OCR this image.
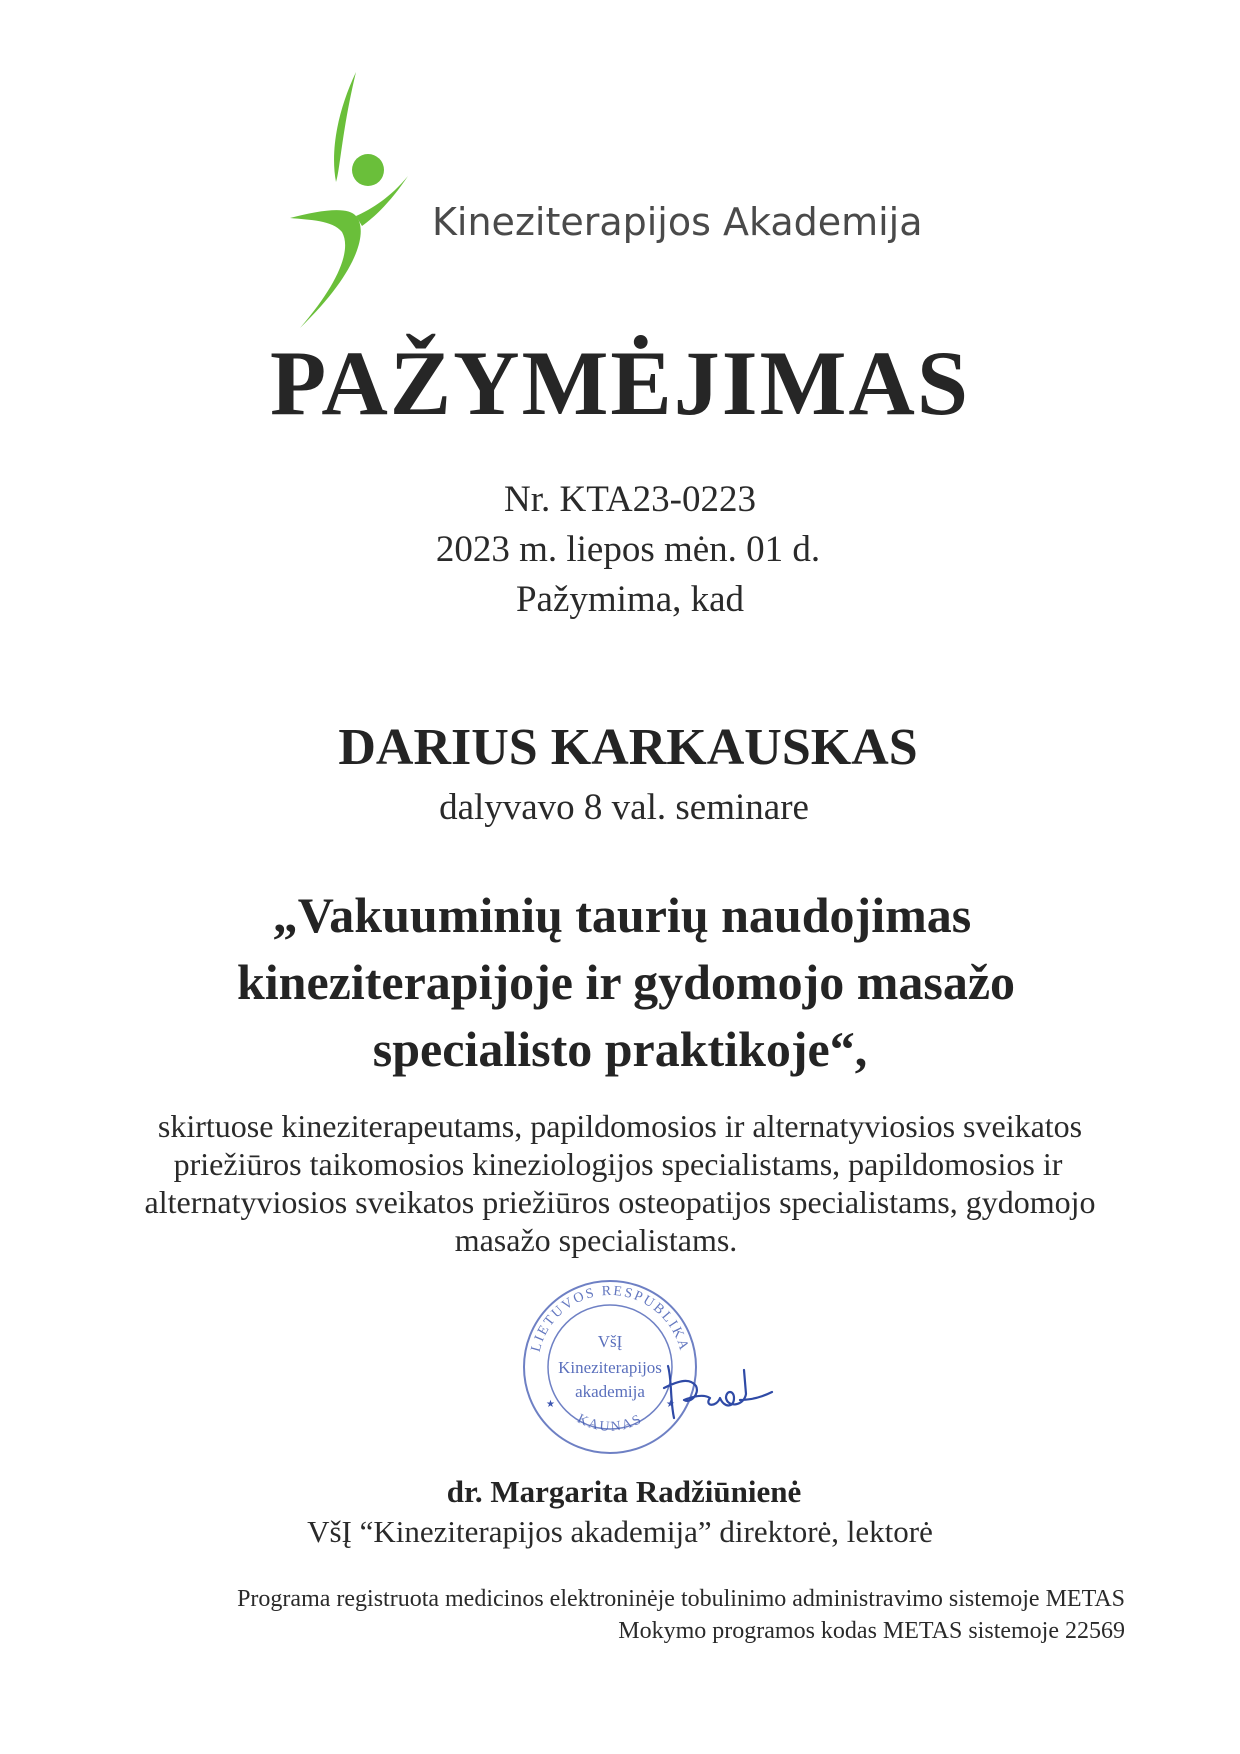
Kineziterapijos Akademija
PAŽYMĖJIMAS
Nr. KTA23-0223
2023 m. liepos mėn. 01 d.
Pažymima, kad
DARIUS KARKAUSKAS
dalyvavo 8 val. seminare
„Vakuuminių taurių naudojimas
kineziterapijoje ir gydomojo masažo
specialisto praktikoje“,
skirtuose kineziterapeutams, papildomosios ir alternatyviosios sveikatos
priežiūros taikomosios kineziologijos specialistams, papildomosios ir
alternatyviosios sveikatos priežiūros osteopatijos specialistams, gydomojo
masažo specialistams.
LIETUVOS RESPUBLIKA
KAUNAS
VšĮ
Kineziterapijos
akademija
★	★
dr. Margarita Radžiūnienė
VšĮ “Kineziterapijos akademija” direktorė, lektorė
Programa registruota medicinos elektroninėje tobulinimo administravimo sistemoje METAS
Mokymo programos kodas METAS sistemoje 22569
